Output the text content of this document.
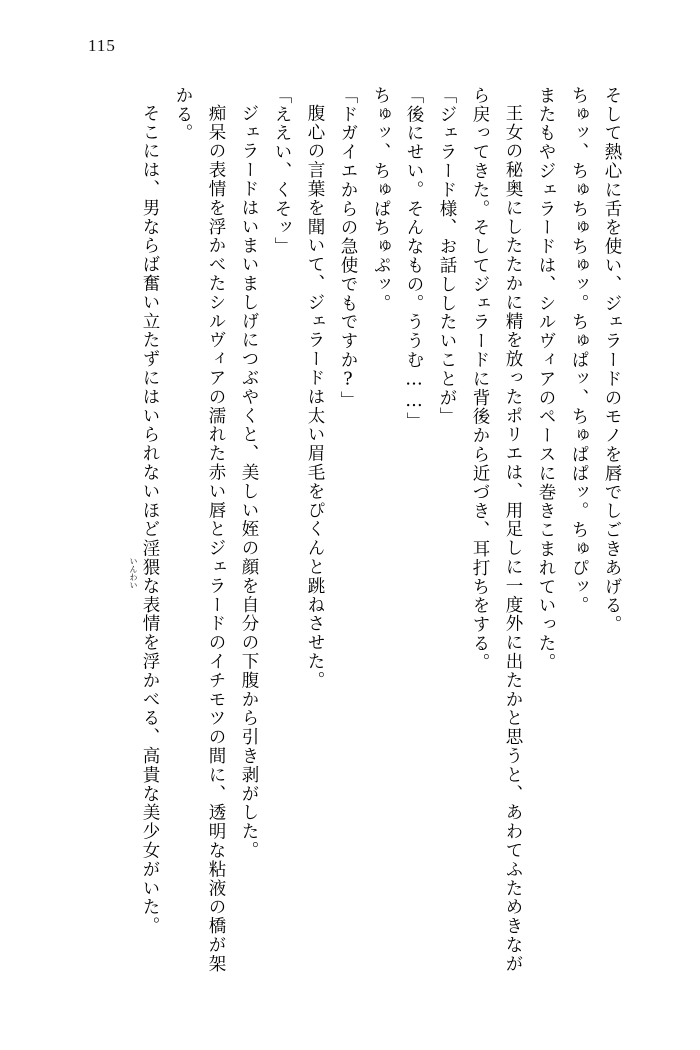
115
そして熱心に舌を使い、ジェラードのモノを唇でしごきあげる。
ちゅッ、ちゅちゅちゅッ。ちゅぱッ、ちゅぱぱッ。ちゅぴッ。
またもやジェラードは、シルヴィアのペースに巻きこまれていった。
王女の秘奥にしたたかに精を放ったポリエは、用足しに一度外に出たかと思うと、あわてふためきながら戻ってきた。そしてジェラードに背後から近づき、耳打ちをする。
「ジェラード様、お話ししたいことが」
「後にせい。そんなもの。ううむ……」
ちゅッ、ちゅぱちゅぷッ。
「ドガイエからの急使でもですか?」
腹心の言葉を聞いて、ジェラードは太い眉毛をぴくんと跳ねさせた。
「ええい、くそッ」
ジェラードはいまいましげにつぶやくと、美しい姪の顔を自分の下腹から引き剥がした。
痴呆の表情を浮かべたシルヴィアの濡れた赤い唇とジェラードのイチモツの間に、透明な粘液の橋が架かる。
そこには、男ならば奮い立たずにはいられないほど
いんわい 淫猥な表情を浮かべる、高貴な美少女がいた。
